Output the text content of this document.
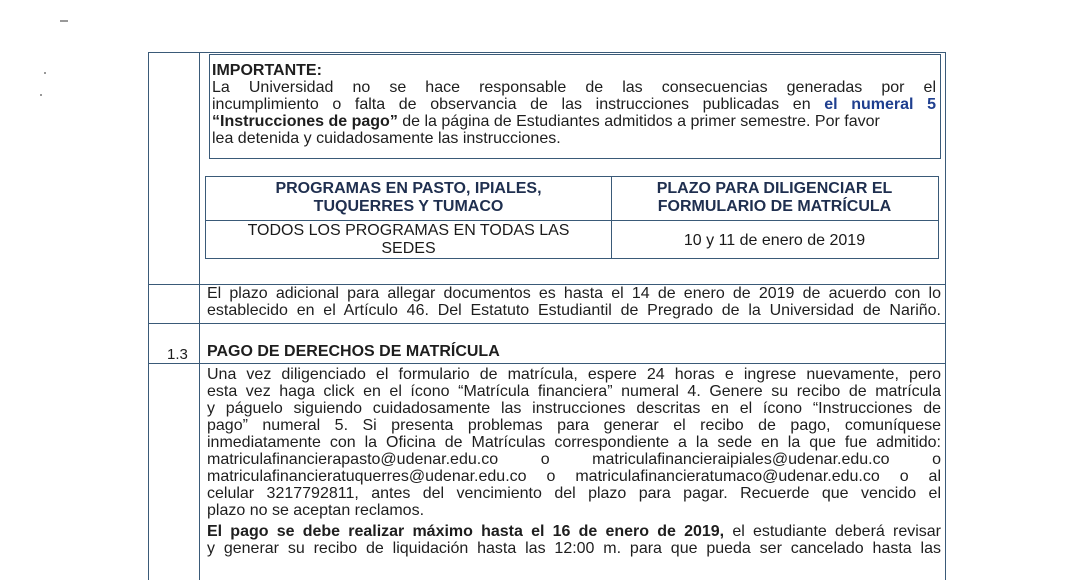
IMPORTANTE:
La Universidad no se hace responsable de las consecuencias generadas por el
incumplimiento o falta de observancia de las instrucciones publicadas en el numeral 5
“Instrucciones de pago” de la página de Estudiantes admitidos a primer semestre. Por favor
lea detenida y cuidadosamente las instrucciones.
PROGRAMAS EN PASTO, IPIALES,
TUQUERRES Y TUMACO
PLAZO PARA DILIGENCIAR EL
FORMULARIO DE MATRÍCULA
TODOS LOS PROGRAMAS EN TODAS LAS
SEDES	10 y 11 de enero de 2019
El plazo adicional para allegar documentos es hasta el 14 de enero de 2019 de acuerdo con lo
establecido en el Artículo 46. Del Estatuto Estudiantil de Pregrado de la Universidad de Nariño.
1.3 PAGO DE DERECHOS DE MATRÍCULA
Una vez diligenciado el formulario de matrícula, espere 24 horas e ingrese nuevamente, pero
esta vez haga click en el ícono “Matrícula financiera” numeral 4. Genere su recibo de matrícula
y páguelo siguiendo cuidadosamente las instrucciones descritas en el ícono “Instrucciones de
pago” numeral 5. Si presenta problemas para generar el recibo de pago, comuníquese
inmediatamente con la Oficina de Matrículas correspondiente a la sede en la que fue admitido:
matriculafinancierapasto@udenar.edu.co     o     matriculafinancieraipiales@udenar.edu.co     o
matriculafinancieratuquerres@udenar.edu.co o matriculafinancieratumaco@udenar.edu.co o al
celular 3217792811, antes del vencimiento del plazo para pagar. Recuerde que vencido el
plazo no se aceptan reclamos.
El pago se debe realizar máximo hasta el 16 de enero de 2019, el estudiante deberá revisar
y generar su recibo de liquidación hasta las 12:00 m. para que pueda ser cancelado hasta las
